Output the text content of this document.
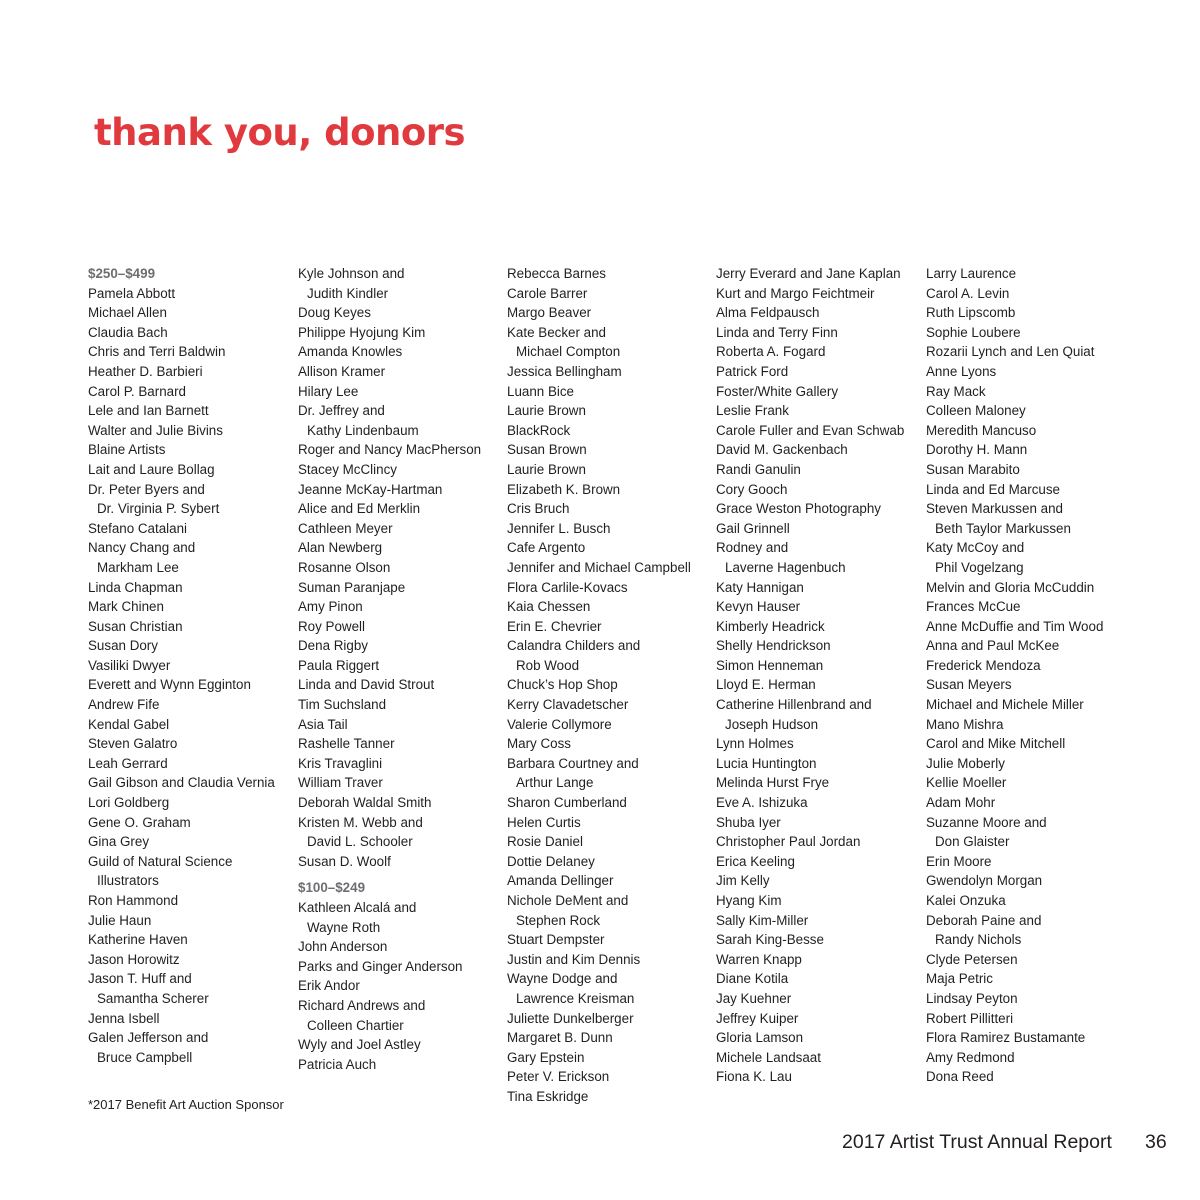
thank you, donors
$250–$499
Pamela Abbott
Michael Allen
Claudia Bach
Chris and Terri Baldwin
Heather D. Barbieri
Carol P. Barnard
Lele and Ian Barnett
Walter and Julie Bivins
Blaine Artists
Lait and Laure Bollag
Dr. Peter Byers and
Dr. Virginia P. Sybert
Stefano Catalani
Nancy Chang and
Markham Lee
Linda Chapman
Mark Chinen
Susan Christian
Susan Dory
Vasiliki Dwyer
Everett and Wynn Egginton
Andrew Fife
Kendal Gabel
Steven Galatro
Leah Gerrard
Gail Gibson and Claudia Vernia
Lori Goldberg
Gene O. Graham
Gina Grey
Guild of Natural Science
Illustrators
Ron Hammond
Julie Haun
Katherine Haven
Jason Horowitz
Jason T. Huff and
Samantha Scherer
Jenna Isbell
Galen Jefferson and
Bruce Campbell
Kyle Johnson and
Judith Kindler
Doug Keyes
Philippe Hyojung Kim
Amanda Knowles
Allison Kramer
Hilary Lee
Dr. Jeffrey and
Kathy Lindenbaum
Roger and Nancy MacPherson
Stacey McClincy
Jeanne McKay-Hartman
Alice and Ed Merklin
Cathleen Meyer
Alan Newberg
Rosanne Olson
Suman Paranjape
Amy Pinon
Roy Powell
Dena Rigby
Paula Riggert
Linda and David Strout
Tim Suchsland
Asia Tail
Rashelle Tanner
Kris Travaglini
William Traver
Deborah Waldal Smith
Kristen M. Webb and
David L. Schooler
Susan D. Woolf
$100–$249
Kathleen Alcalá and
Wayne Roth
John Anderson
Parks and Ginger Anderson
Erik Andor
Richard Andrews and
Colleen Chartier
Wyly and Joel Astley
Patricia Auch
Rebecca Barnes
Carole Barrer
Margo Beaver
Kate Becker and
Michael Compton
Jessica Bellingham
Luann Bice
Laurie Brown
BlackRock
Susan Brown
Laurie Brown
Elizabeth K. Brown
Cris Bruch
Jennifer L. Busch
Cafe Argento
Jennifer and Michael Campbell
Flora Carlile-Kovacs
Kaia Chessen
Erin E. Chevrier
Calandra Childers and
Rob Wood
Chuck’s Hop Shop
Kerry Clavadetscher
Valerie Collymore
Mary Coss
Barbara Courtney and
Arthur Lange
Sharon Cumberland
Helen Curtis
Rosie Daniel
Dottie Delaney
Amanda Dellinger
Nichole DeMent and
Stephen Rock
Stuart Dempster
Justin and Kim Dennis
Wayne Dodge and
Lawrence Kreisman
Juliette Dunkelberger
Margaret B. Dunn
Gary Epstein
Peter V. Erickson
Tina Eskridge
Jerry Everard and Jane Kaplan
Kurt and Margo Feichtmeir
Alma Feldpausch
Linda and Terry Finn
Roberta A. Fogard
Patrick Ford
Foster/White Gallery
Leslie Frank
Carole Fuller and Evan Schwab
David M. Gackenbach
Randi Ganulin
Cory Gooch
Grace Weston Photography
Gail Grinnell
Rodney and
Laverne Hagenbuch
Katy Hannigan
Kevyn Hauser
Kimberly Headrick
Shelly Hendrickson
Simon Henneman
Lloyd E. Herman
Catherine Hillenbrand and
Joseph Hudson
Lynn Holmes
Lucia Huntington
Melinda Hurst Frye
Eve A. Ishizuka
Shuba Iyer
Christopher Paul Jordan
Erica Keeling
Jim Kelly
Hyang Kim
Sally Kim-Miller
Sarah King-Besse
Warren Knapp
Diane Kotila
Jay Kuehner
Jeffrey Kuiper
Gloria Lamson
Michele Landsaat
Fiona K. Lau
Larry Laurence
Carol A. Levin
Ruth Lipscomb
Sophie Loubere
Rozarii Lynch and Len Quiat
Anne Lyons
Ray Mack
Colleen Maloney
Meredith Mancuso
Dorothy H. Mann
Susan Marabito
Linda and Ed Marcuse
Steven Markussen and
Beth Taylor Markussen
Katy McCoy and
Phil Vogelzang
Melvin and Gloria McCuddin
Frances McCue
Anne McDuffie and Tim Wood
Anna and Paul McKee
Frederick Mendoza
Susan Meyers
Michael and Michele Miller
Mano Mishra
Carol and Mike Mitchell
Julie Moberly
Kellie Moeller
Adam Mohr
Suzanne Moore and
Don Glaister
Erin Moore
Gwendolyn Morgan
Kalei Onzuka
Deborah Paine and
Randy Nichols
Clyde Petersen
Maja Petric
Lindsay Peyton
Robert Pillitteri
Flora Ramirez Bustamante
Amy Redmond
Dona Reed
*2017 Benefit Art Auction Sponsor
2017 Artist Trust Annual Report 36
